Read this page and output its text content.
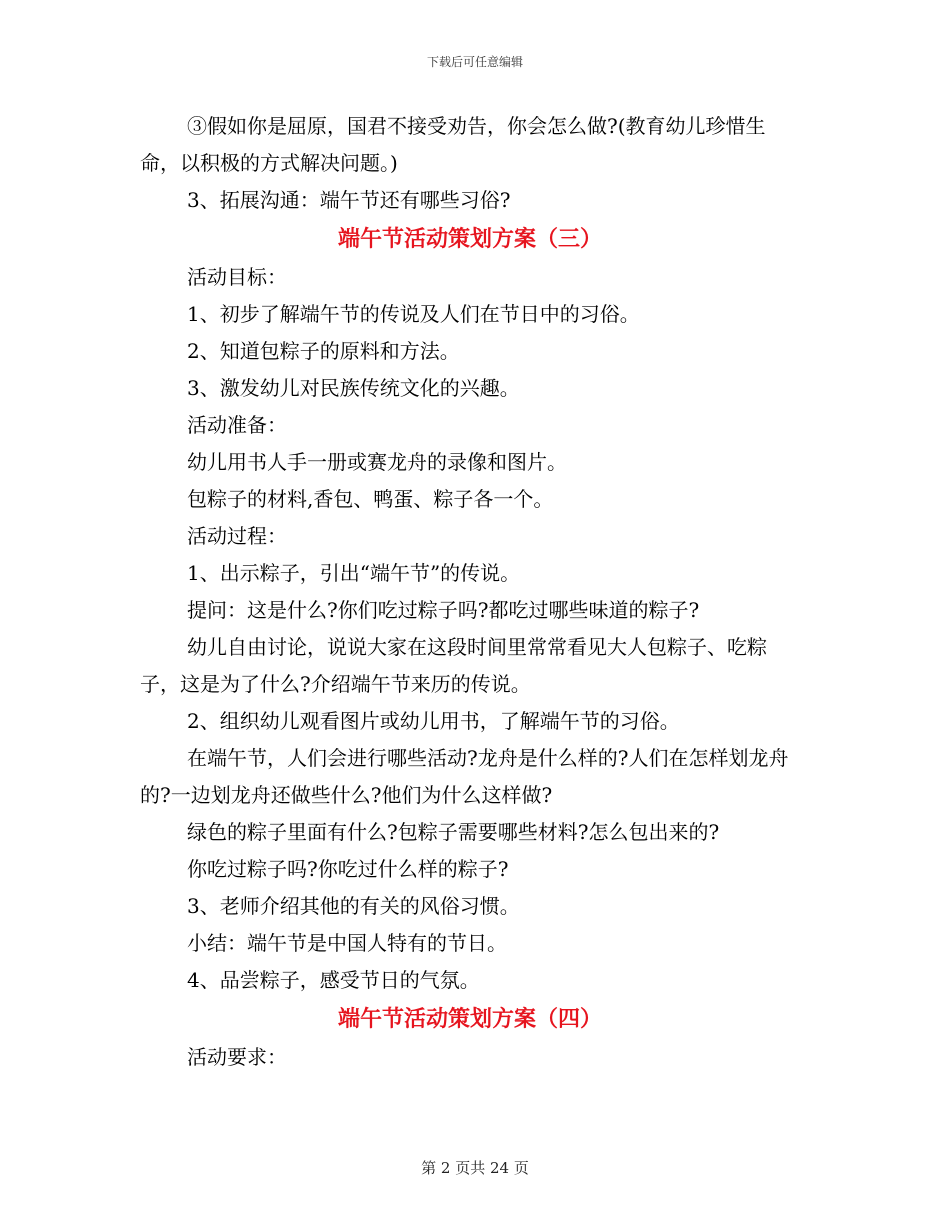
下载后可任意编辑

③假如你是屈原，国君不接受劝告，你会怎么做?(教育幼儿珍惜生命，以积极的方式解决问题。)

3、拓展沟通：端午节还有哪些习俗?

端午节活动策划方案（三）

活动目标：

1、初步了解端午节的传说及人们在节日中的习俗。

2、知道包粽子的原料和方法。

3、激发幼儿对民族传统文化的兴趣。

活动准备：

幼儿用书人手一册或赛龙舟的录像和图片。

包粽子的材料,香包、鸭蛋、粽子各一个。

活动过程：

1、出示粽子，引出“端午节”的传说。

提问：这是什么?你们吃过粽子吗?都吃过哪些味道的粽子?

幼儿自由讨论，说说大家在这段时间里常常看见大人包粽子、吃粽子，这是为了什么?介绍端午节来历的传说。

2、组织幼儿观看图片或幼儿用书，了解端午节的习俗。

在端午节，人们会进行哪些活动?龙舟是什么样的?人们在怎样划龙舟的?一边划龙舟还做些什么?他们为什么这样做?

绿色的粽子里面有什么?包粽子需要哪些材料?怎么包出来的?

你吃过粽子吗?你吃过什么样的粽子?

3、老师介绍其他的有关的风俗习惯。

小结：端午节是中国人特有的节日。

4、品尝粽子，感受节日的气氛。

端午节活动策划方案（四）

活动要求：

第 2 页共 24 页
